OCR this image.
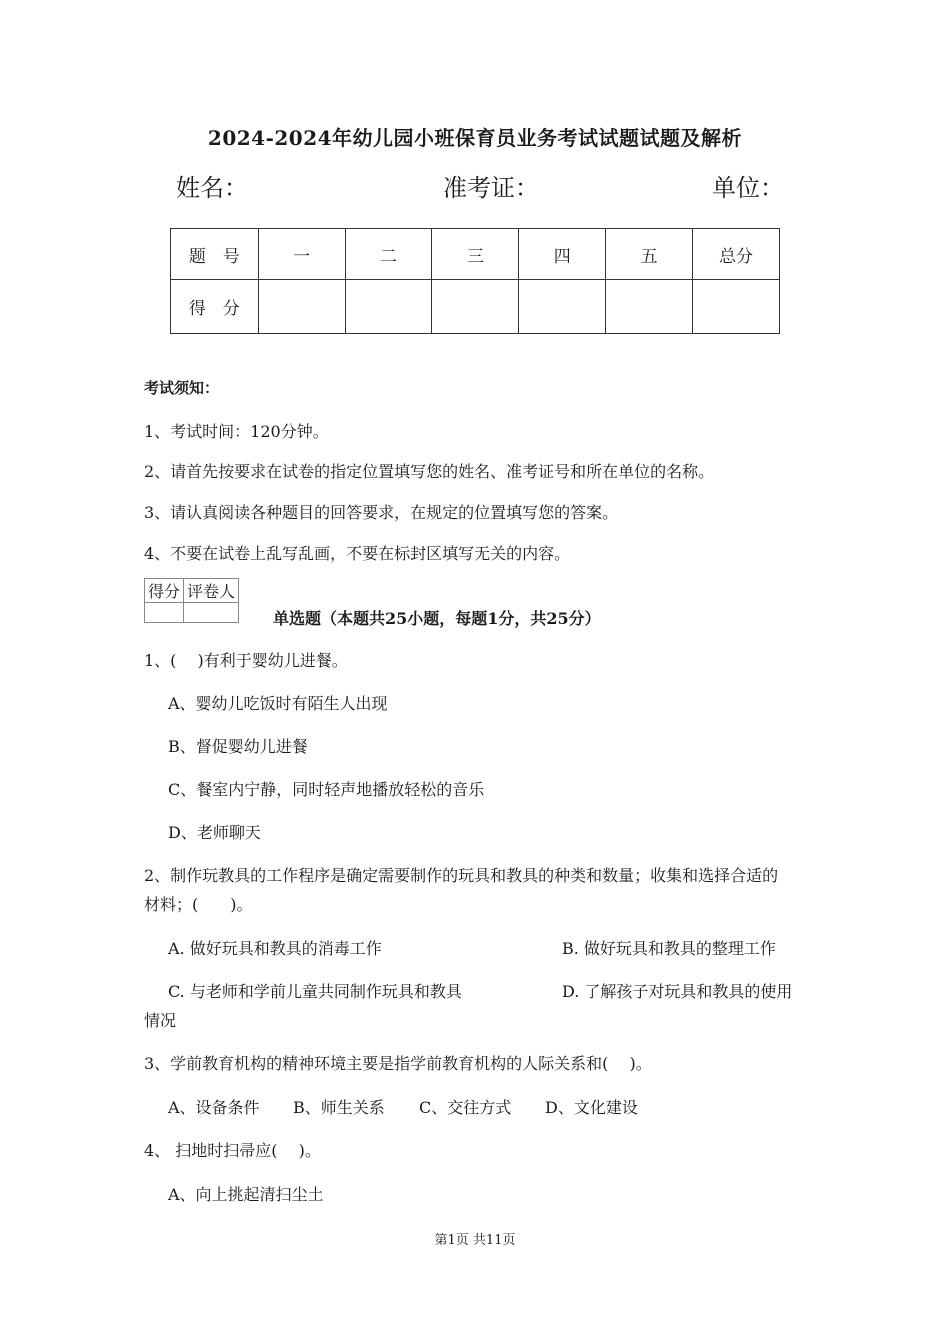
2024-2024年幼儿园小班保育员业务考试试题试题及解析
姓名：	准考证：	单位：
题　号	一	二	三	四	五	总分
得　分						
考试须知：
1、考试时间：120分钟。
2、请首先按要求在试卷的指定位置填写您的姓名、准考证号和所在单位的名称。
3、请认真阅读各种题目的回答要求，在规定的位置填写您的答案。
4、不要在试卷上乱写乱画，不要在标封区填写无关的内容。
得分	评卷人

单选题（本题共25小题，每题1分，共25分）
1、(　 )有利于婴幼儿进餐。
A、婴幼儿吃饭时有陌生人出现
B、督促婴幼儿进餐
C、餐室内宁静，同时轻声地播放轻松的音乐
D、老师聊天
2、制作玩教具的工作程序是确定需要制作的玩具和教具的种类和数量；收集和选择合适的
材料；(　　)。
A. 做好玩具和教具的消毒工作	B. 做好玩具和教具的整理工作
C. 与老师和学前儿童共同制作玩具和教具	D. 了解孩子对玩具和教具的使用
情况
3、学前教育机构的精神环境主要是指学前教育机构的人际关系和(　 )。
A、设备条件 B、师生关系 C、交往方式 D、文化建设
4、 扫地时扫帚应(　 )。
A、向上挑起清扫尘土
第1页 共11页
